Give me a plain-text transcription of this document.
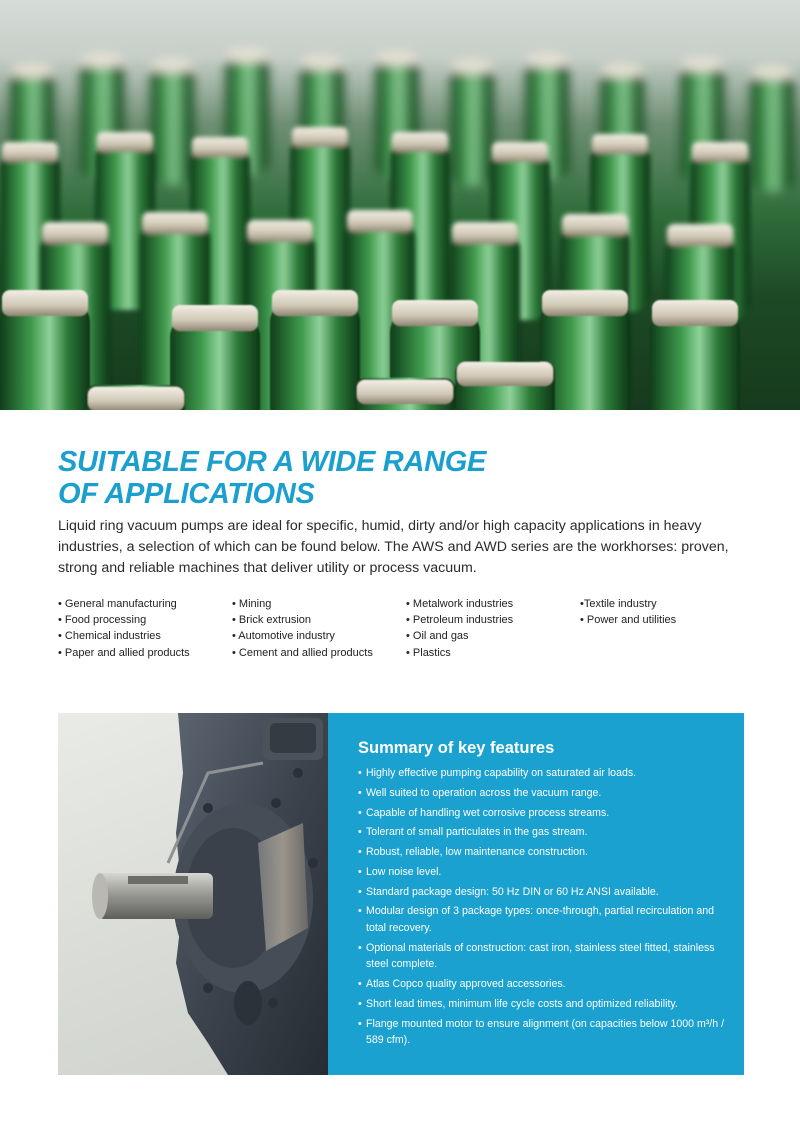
SUITABLE FOR A WIDE RANGE
OF APPLICATIONS

Liquid ring vacuum pumps are ideal for specific, humid, dirty and/or high capacity applications in heavy industries, a selection of which can be found below. The AWS and AWD series are the workhorses: proven, strong and reliable machines that deliver utility or process vacuum.

• General manufacturing
• Food processing
• Chemical industries
• Paper and allied products
• Mining
• Brick extrusion
• Automotive industry
• Cement and allied products
• Metalwork industries
• Petroleum industries
• Oil and gas
• Plastics
•Textile industry
• Power and utilities
Summary of key features
• Highly effective pumping capability on saturated air loads.
• Well suited to operation across the vacuum range.
• Capable of handling wet corrosive process streams.
• Tolerant of small particulates in the gas stream.
• Robust, reliable, low maintenance construction.
• Low noise level.
• Standard package design: 50 Hz DIN or 60 Hz ANSI available.
• Modular design of 3 package types: once-through, partial recirculation and total recovery.
• Optional materials of construction: cast iron, stainless steel fitted, stainless steel complete.
• Atlas Copco quality approved accessories.
• Short lead times, minimum life cycle costs and optimized reliability.
• Flange mounted motor to ensure alignment (on capacities below 1000 m³/h / 589 cfm).
